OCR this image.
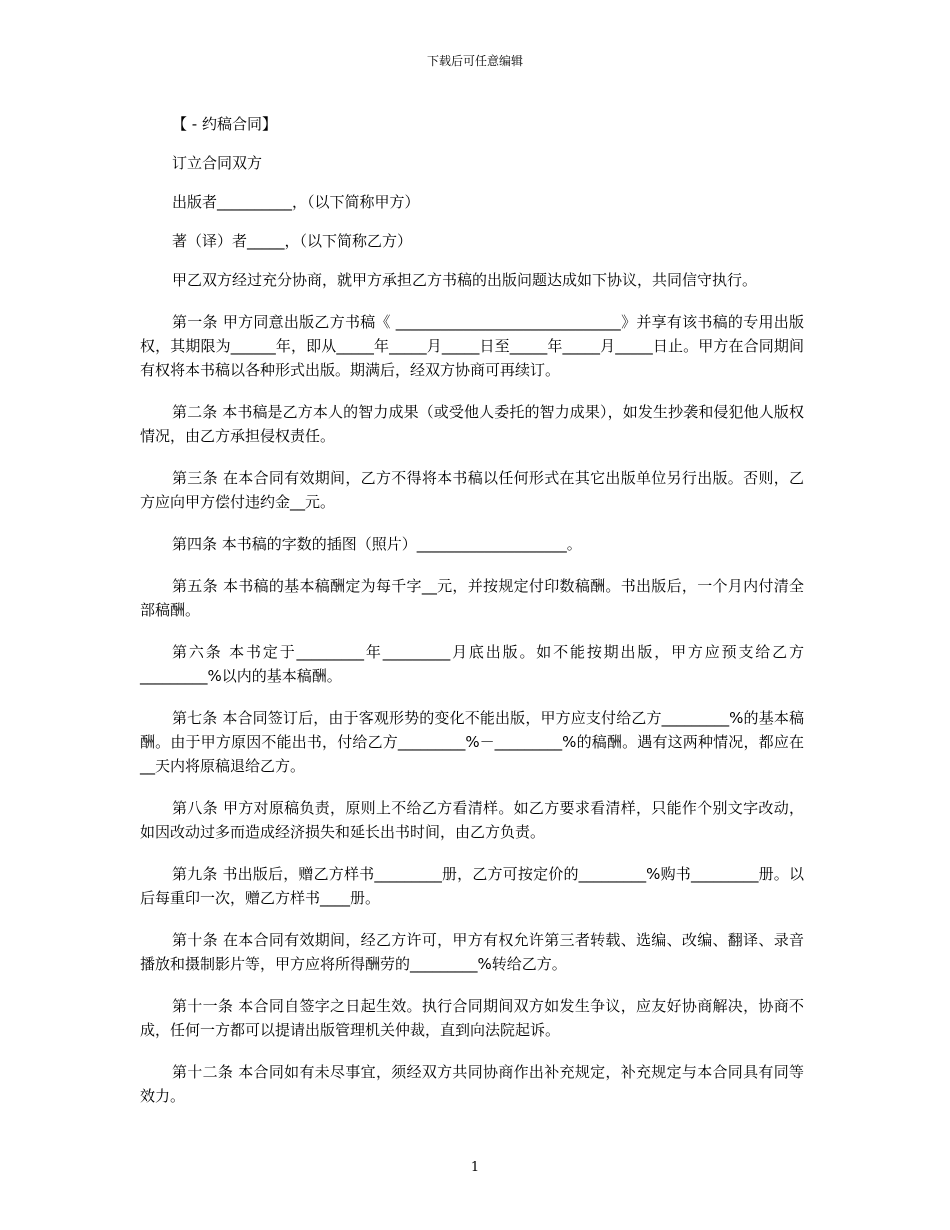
下载后可任意编辑

【 - 约稿合同】

订立合同双方

出版者__________，（以下简称甲方）

著（译）者_____，（以下简称乙方）

甲乙双方经过充分协商，就甲方承担乙方书稿的出版问题达成如下协议，共同信守执行。

第一条 甲方同意出版乙方书稿《 ______________________________》并享有该书稿的专用出版权，其期限为______年，即从_____年_____月_____日至_____年_____月_____日止。甲方在合同期间有权将本书稿以各种形式出版。期满后，经双方协商可再续订。

第二条 本书稿是乙方本人的智力成果（或受他人委托的智力成果），如发生抄袭和侵犯他人版权情况，由乙方承担侵权责任。

第三条 在本合同有效期间，乙方不得将本书稿以任何形式在其它出版单位另行出版。否则，乙方应向甲方偿付违约金__元。

第四条 本书稿的字数的插图（照片）____________________。

第五条 本书稿的基本稿酬定为每千字__元，并按规定付印数稿酬。书出版后，一个月内付清全部稿酬。

第六条 本书定于_________年_________月底出版。如不能按期出版，甲方应预支给乙方_________%以内的基本稿酬。

第七条 本合同签订后，由于客观形势的变化不能出版，甲方应支付给乙方_________%的基本稿酬。由于甲方原因不能出书，付给乙方_________%－_________%的稿酬。遇有这两种情况，都应在__天内将原稿退给乙方。

第八条 甲方对原稿负责，原则上不给乙方看清样。如乙方要求看清样，只能作个别文字改动，如因改动过多而造成经济损失和延长出书时间，由乙方负责。

第九条 书出版后，赠乙方样书_________册，乙方可按定价的_________%购书_________册。以后每重印一次，赠乙方样书____册。

第十条 在本合同有效期间，经乙方许可，甲方有权允许第三者转载、选编、改编、翻译、录音播放和摄制影片等，甲方应将所得酬劳的_________%转给乙方。

第十一条 本合同自签字之日起生效。执行合同期间双方如发生争议，应友好协商解决，协商不成，任何一方都可以提请出版管理机关仲裁，直到向法院起诉。

第十二条 本合同如有未尽事宜，须经双方共同协商作出补充规定，补充规定与本合同具有同等效力。

1
